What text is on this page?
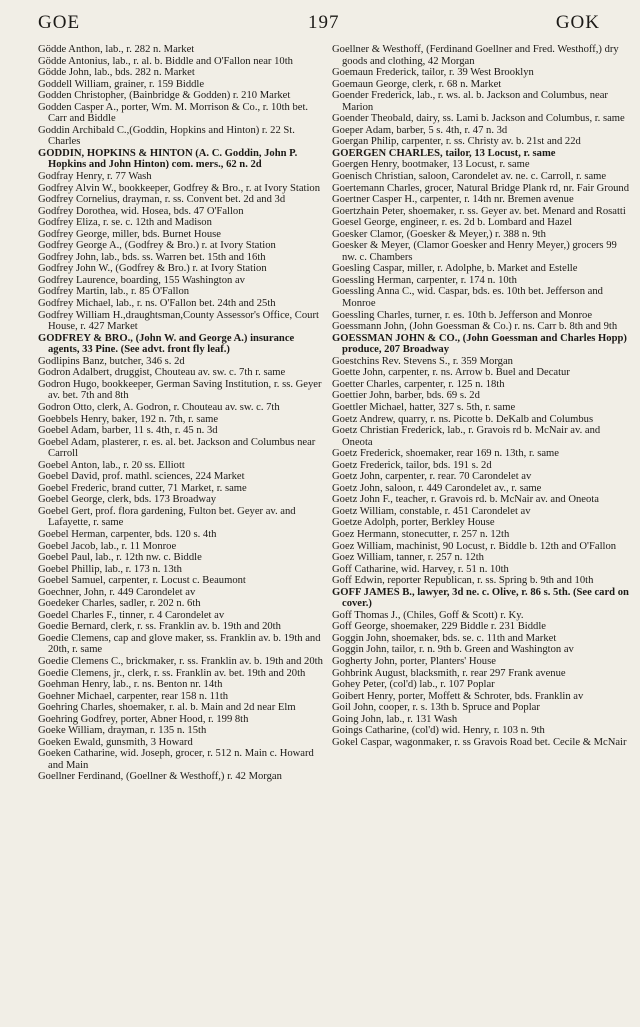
GOE	197	GOK

Gödde Anthon, lab., r. 282 n. Market

Gödde Antonius, lab., r. al. b. Biddle and O'Fallon near 10th

Gödde John, lab., bds. 282 n. Market

Goddell William, grainer, r. 159 Biddle

Godden Christopher, (Bainbridge & Godden) r. 210 Market

Godden Casper A., porter, Wm. M. Morrison & Co., r. 10th bet. Carr and Biddle

Goddin Archibald C.,(Goddin, Hopkins and Hinton) r. 22 St. Charles

GODDIN, HOPKINS & HINTON (A. C. Goddin, John P. Hopkins and John Hinton) com. mers., 62 n. 2d

Godfray Henry, r. 77 Wash

Godfrey Alvin W., bookkeeper, Godfrey & Bro., r. at Ivory Station

Godfrey Cornelius, drayman, r. ss. Convent bet. 2d and 3d

Godfrey Dorothea, wid. Hosea, bds. 47 O'Fallon

Godfrey Eliza, r. se. c. 12th and Madison

Godfrey George, miller, bds. Burnet House

Godfrey George A., (Godfrey & Bro.) r. at Ivory Station

Godfrey John, lab., bds. ss. Warren bet. 15th and 16th

Godfrey John W., (Godfrey & Bro.) r. at Ivory Station

Godfrey Laurence, boarding, 155 Washington av

Godfrey Martin, lab., r. 85 O'Fallon

Godfrey Michael, lab., r. ns. O'Fallon bet. 24th and 25th

Godfrey William H.,draughtsman,County Assessor's Office, Court House, r. 427 Market

GODFREY & BRO., (John W. and George A.) insurance agents, 33 Pine. (See advt. front fly leaf.)

Godlipins Banz, butcher, 346 s. 2d

Godron Adalbert, druggist, Chouteau av. sw. c. 7th r. same

Godron Hugo, bookkeeper, German Saving Institution, r. ss. Geyer av. bet. 7th and 8th

Godron Otto, clerk, A. Godron, r. Chouteau av. sw. c. 7th

Goebbels Henry, baker, 192 n. 7th, r. same

Goebel Adam, barber, 11 s. 4th, r. 45 n. 3d

Goebel Adam, plasterer, r. es. al. bet. Jackson and Columbus near Carroll

Goebel Anton, lab., r. 20 ss. Elliott

Goebel David, prof. mathl. sciences, 224 Market

Goebel Frederic, brand cutter, 71 Market, r. same

Goebel George, clerk, bds. 173 Broadway

Goebel Gert, prof. flora gardening, Fulton bet. Geyer av. and Lafayette, r. same

Goebel Herman, carpenter, bds. 120 s. 4th

Goebel Jacob, lab., r. 11 Monroe

Goebel Paul, lab., r. 12th nw. c. Biddle

Goebel Phillip, lab., r. 173 n. 13th

Goebel Samuel, carpenter, r. Locust c. Beaumont

Goechner, John, r. 449 Carondelet av

Goedeker Charles, sadler, r. 202 n. 6th

Goedel Charles F., tinner, r. 4 Carondelet av

Goedie Bernard, clerk, r. ss. Franklin av. b. 19th and 20th

Goedie Clemens, cap and glove maker, ss. Franklin av. b. 19th and 20th, r. same

Goedie Clemens C., brickmaker, r. ss. Franklin av. b. 19th and 20th

Goedie Clemens, jr., clerk, r. ss. Franklin av. bet. 19th and 20th

Goehman Henry, lab., r. ns. Benton nr. 14th

Goehner Michael, carpenter, rear 158 n. 11th

Goehring Charles, shoemaker, r. al. b. Main and 2d near Elm

Goehring Godfrey, porter, Abner Hood, r. 199 8th

Goeke William, drayman, r. 135 n. 15th

Goeken Ewald, gunsmith, 3 Howard

Goeken Catharine, wid. Joseph, grocer, r. 512 n. Main c. Howard and Main

Goellner Ferdinand, (Goellner & Westhoff,) r. 42 Morgan

Goellner & Westhoff, (Ferdinand Goellner and Fred. Westhoff,) dry goods and clothing, 42 Morgan

Goemaun Frederick, tailor, r. 39 West Brooklyn

Goemaun George, clerk, r. 68 n. Market

Goender Frederick, lab., r. ws. al. b. Jackson and Columbus, near Marion

Goender Theobald, dairy, ss. Lami b. Jackson and Columbus, r. same

Goeper Adam, barber, 5 s. 4th, r. 47 n. 3d

Goergan Philip, carpenter, r. ss. Christy av. b. 21st and 22d

GOERGEN CHARLES, tailor, 13 Locust, r. same

Goergen Henry, bootmaker, 13 Locust, r. same

Goenisch Christian, saloon, Carondelet av. ne. c. Carroll, r. same

Goertemann Charles, grocer, Natural Bridge Plank rd, nr. Fair Ground

Goertner Casper H., carpenter, r. 14th nr. Bremen avenue

Goertzhain Peter, shoemaker, r. ss. Geyer av. bet. Menard and Rosatti

Goesel George, engineer, r. es. 2d b. Lombard and Hazel

Goesker Clamor, (Goesker & Meyer,) r. 388 n. 9th

Goesker & Meyer, (Clamor Goesker and Henry Meyer,) grocers 99 nw. c. Chambers

Goesling Caspar, miller, r. Adolphe, b. Market and Estelle

Goessling Herman, carpenter, r. 174 n. 10th

Goessling Anna C., wid. Caspar, bds. es. 10th bet. Jefferson and Monroe

Goessling Charles, turner, r. es. 10th b. Jefferson and Monroe

Goessmann John, (John Goessman & Co.) r. ns. Carr b. 8th and 9th

GOESSMAN JOHN & CO., (John Goessman and Charles Hopp) produce, 207 Broadway

Goestchins Rev. Stevens S., r. 359 Morgan

Goette John, carpenter, r. ns. Arrow b. Buel and Decatur

Goetter Charles, carpenter, r. 125 n. 18th

Goettier John, barber, bds. 69 s. 2d

Goettler Michael, hatter, 327 s. 5th, r. same

Goetz Andrew, quarry, r. ns. Picotte b. DeKalb and Columbus

Goetz Christian Frederick, lab., r. Gravois rd b. McNair av. and Oneota

Goetz Frederick, shoemaker, rear 169 n. 13th, r. same

Goetz Frederick, tailor, bds. 191 s. 2d

Goetz John, carpenter, r. rear. 70 Carondelet av

Goetz John, saloon, r. 449 Carondelet av., r. same

Goetz John F., teacher, r. Gravois rd. b. McNair av. and Oneota

Goetz William, constable, r. 451 Carondelet av

Goetze Adolph, porter, Berkley House

Goez Hermann, stonecutter, r. 257 n. 12th

Goez William, machinist, 90 Locust, r. Biddle b. 12th and O'Fallon

Goez William, tanner, r. 257 n. 12th

Goff Catharine, wid. Harvey, r. 51 n. 10th

Goff Edwin, reporter Republican, r. ss. Spring b. 9th and 10th

GOFF JAMES B., lawyer, 3d ne. c. Olive, r. 86 s. 5th. (See card on cover.)

Goff Thomas J., (Chiles, Goff & Scott) r. Ky.

Goff George, shoemaker, 229 Biddle r. 231 Biddle

Goggin John, shoemaker, bds. se. c. 11th and Market

Goggin John, tailor, r. n. 9th b. Green and Washington av

Gogherty John, porter, Planters' House

Gohbrink August, blacksmith, r. rear 297 Frank avenue

Gohey Peter, (col'd) lab., r. 107 Poplar

Goibert Henry, porter, Moffett & Schroter, bds. Franklin av

Goil John, cooper, r. s. 13th b. Spruce and Poplar

Going John, lab., r. 131 Wash

Goings Catharine, (col'd) wid. Henry, r. 103 n. 9th

Gokel Caspar, wagonmaker, r. ss Gravois Road bet. Cecile & McNair
